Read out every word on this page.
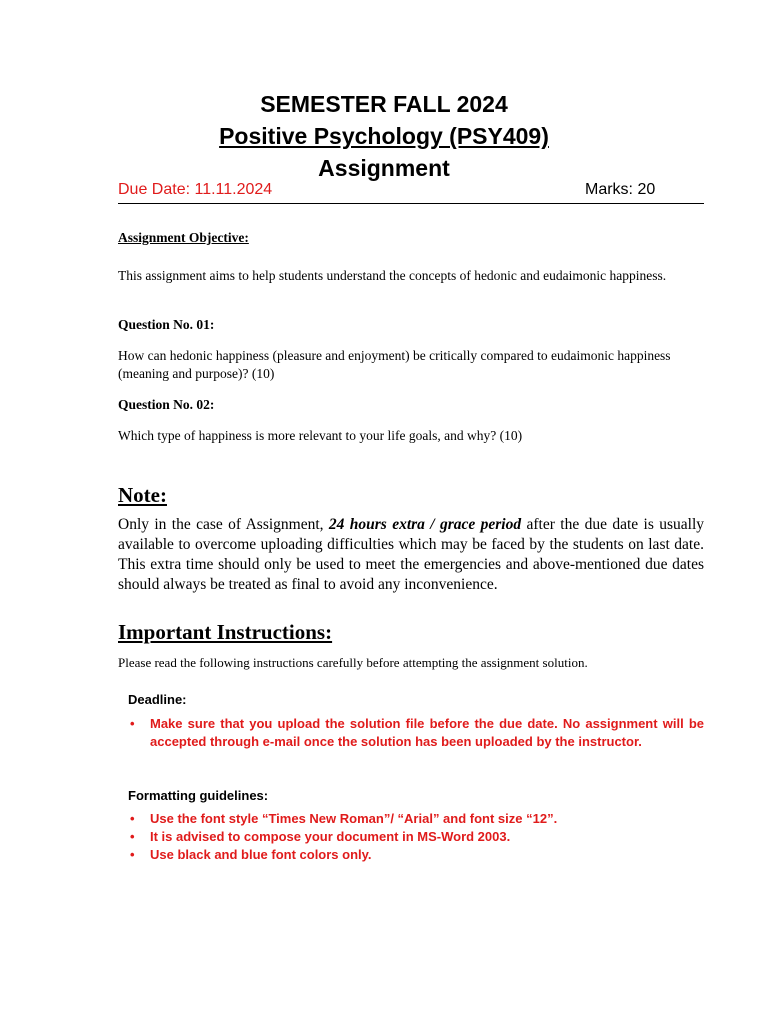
SEMESTER FALL 2024

Positive Psychology (PSY409)

Assignment

Due Date: 11.11.2024	Marks: 20
Assignment Objective:
This assignment aims to help students understand the concepts of hedonic and eudaimonic happiness.
Question No. 01:
How can hedonic happiness (pleasure and enjoyment) be critically compared to eudaimonic happiness (meaning and purpose)? (10)
Question No. 02:
Which type of happiness is more relevant to your life goals, and why? (10)
Note:
Only in the case of Assignment, 24 hours extra / grace period after the due date is usually available to overcome uploading difficulties which may be faced by the students on last date. This extra time should only be used to meet the emergencies and above-mentioned due dates should always be treated as final to avoid any inconvenience.
Important Instructions:
Please read the following instructions carefully before attempting the assignment solution.
Deadline:
• Make sure that you upload the solution file before the due date. No assignment will be accepted through e-mail once the solution has been uploaded by the instructor.
Formatting guidelines:
• Use the font style “Times New Roman”/ “Arial” and font size “12”.
• It is advised to compose your document in MS-Word 2003.
• Use black and blue font colors only.
